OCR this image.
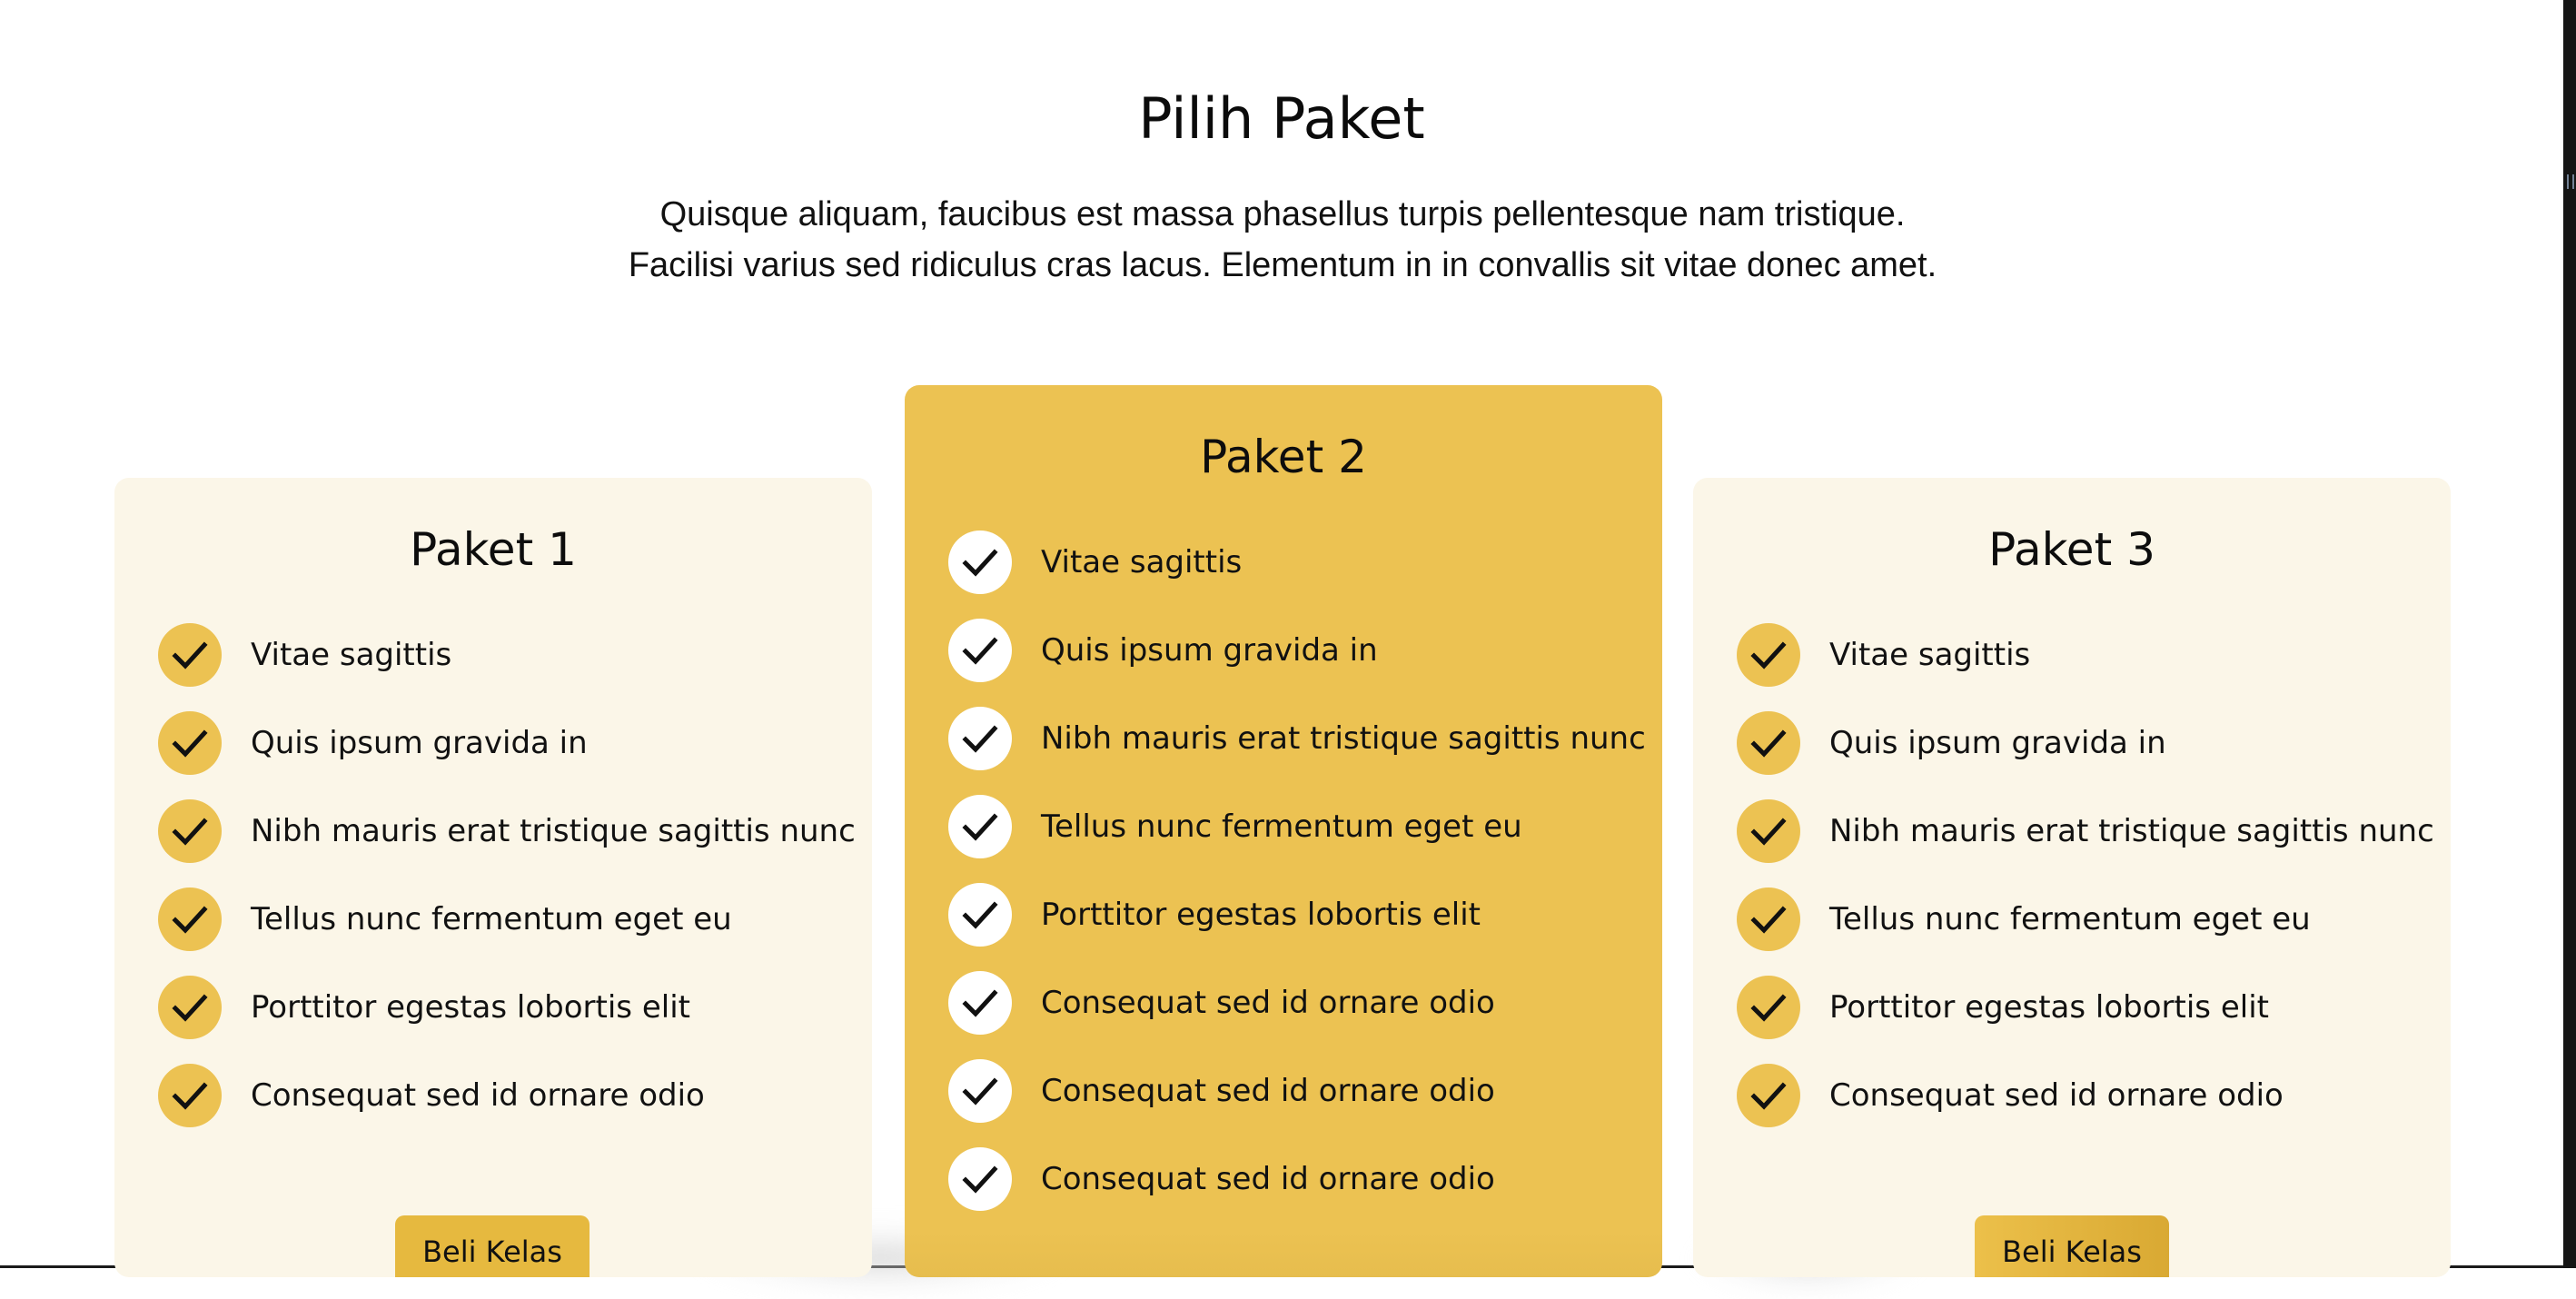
Pilih Paket

Quisque aliquam, faucibus est massa phasellus turpis pellentesque nam tristique. Facilisi varius sed ridiculus cras lacus. Elementum in in convallis sit vitae donec amet.

Paket 1
Vitae sagittis
Quis ipsum gravida in
Nibh mauris erat tristique sagittis nunc
Tellus nunc fermentum eget eu
Porttitor egestas lobortis elit
Consequat sed id ornare odio
Beli Kelas
Paket 2
Vitae sagittis
Quis ipsum gravida in
Nibh mauris erat tristique sagittis nunc
Tellus nunc fermentum eget eu
Porttitor egestas lobortis elit
Consequat sed id ornare odio
Consequat sed id ornare odio
Consequat sed id ornare odio
Paket 3
Vitae sagittis
Quis ipsum gravida in
Nibh mauris erat tristique sagittis nunc
Tellus nunc fermentum eget eu
Porttitor egestas lobortis elit
Consequat sed id ornare odio
Beli Kelas
